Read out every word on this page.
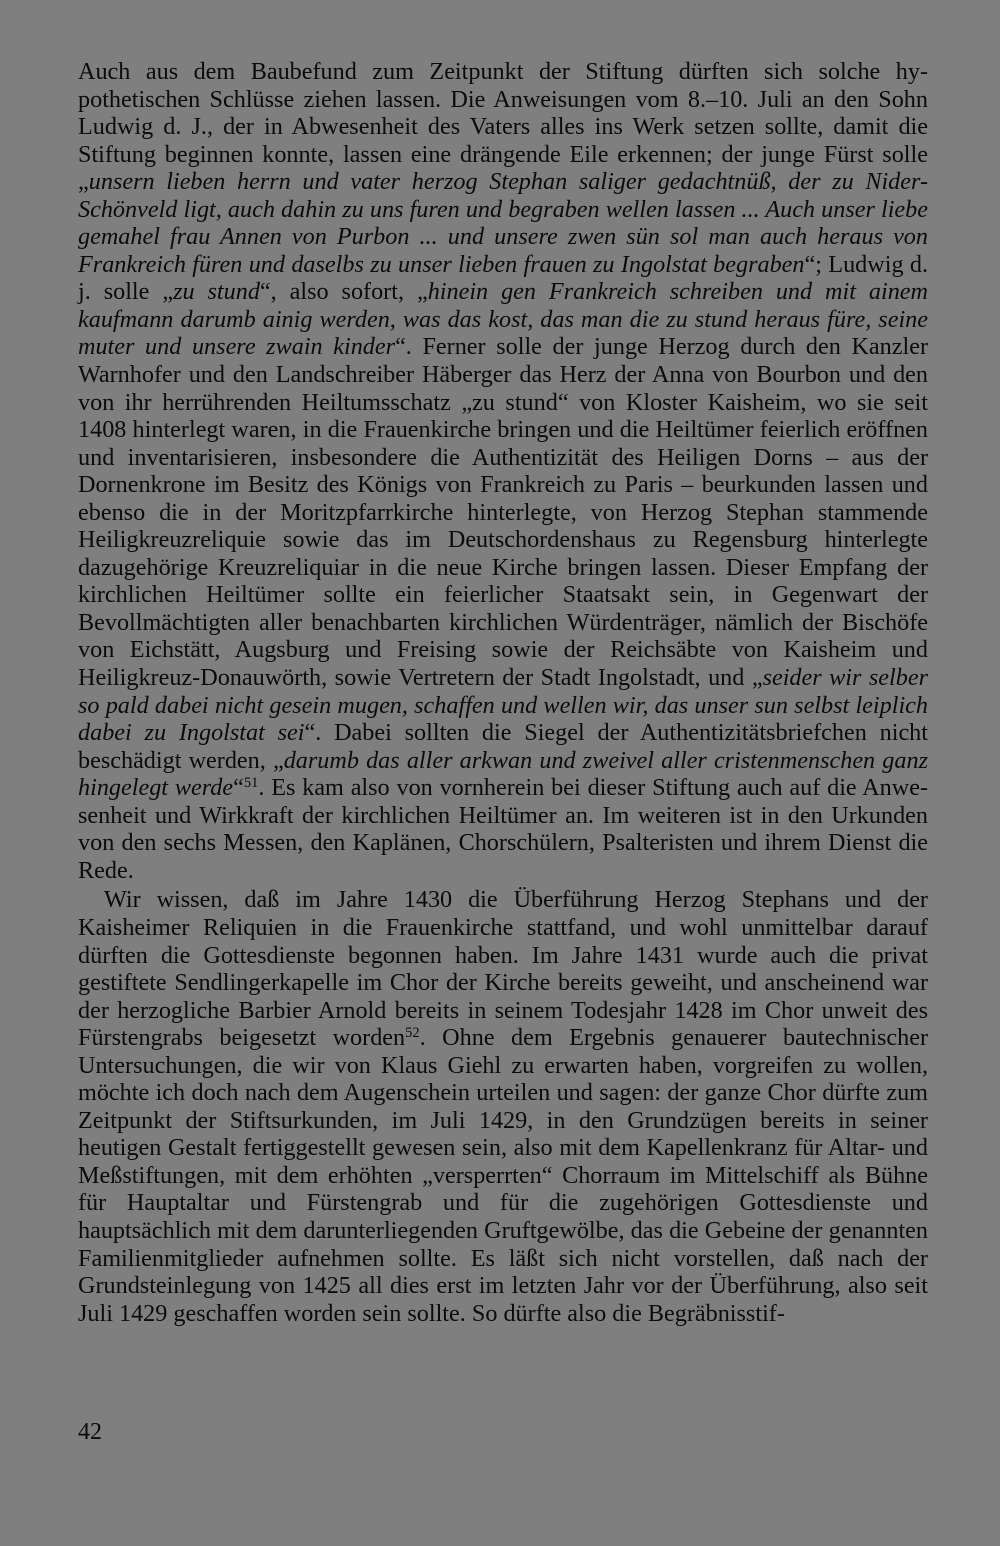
Auch aus dem Baubefund zum Zeitpunkt der Stiftung dürften sich solche hypothetischen Schlüsse ziehen lassen. Die Anweisungen vom 8.–10. Juli an den Sohn Ludwig d. J., der in Abwesenheit des Vaters alles ins Werk setzen sollte, damit die Stiftung beginnen konnte, lassen eine drängende Eile erkennen; der junge Fürst solle „unsern lieben herrn und vater herzog Stephan saliger gedachtnüß, der zu Nider-Schönveld ligt, auch dahin zu uns furen und begraben wellen lassen ... Auch unser liebe gemahel frau Annen von Purbon ... und unsere zwen sün sol man auch heraus von Frankreich füren und daselbs zu unser lieben frauen zu Ingolstat begraben“; Ludwig d. j. solle „zu stund“, also sofort, „hinein gen Frankreich schreiben und mit ainem kaufmann darumb ainig werden, was das kost, das man die zu stund heraus füre, seine muter und unsere zwain kinder“. Ferner solle der junge Herzog durch den Kanzler Warnhofer und den Landschreiber Häberger das Herz der Anna von Bourbon und den von ihr herrührenden Heiltumsschatz „zu stund“ von Kloster Kaisheim, wo sie seit 1408 hinterlegt waren, in die Frauenkirche bringen und die Heiltümer feierlich eröffnen und inventarisieren, insbesondere die Authentizität des Heiligen Dorns – aus der Dornenkrone im Besitz des Königs von Frankreich zu Paris – beurkunden lassen und ebenso die in der Moritzpfarrkirche hinterlegte, von Herzog Stephan stammende Heiligkreuzreliquie sowie das im Deutschordenshaus zu Regensburg hinterlegte dazugehörige Kreuzreliquiar in die neue Kirche bringen lassen. Dieser Empfang der kirchlichen Heiltümer sollte ein feierlicher Staatsakt sein, in Gegenwart der Bevollmächtigten aller benachbarten kirchlichen Würdenträger, nämlich der Bischöfe von Eichstätt, Augsburg und Freising sowie der Reichsäbte von Kaisheim und Heiligkreuz-Donauwörth, sowie Vertretern der Stadt Ingolstadt, und „seider wir selber so pald dabei nicht gesein mugen, schaffen und wellen wir, das unser sun selbst leiplich dabei zu Ingolstat sei“. Dabei sollten die Siegel der Authentizitätsbriefchen nicht beschädigt werden, „darumb das aller arkwan und zweivel aller cristenmenschen ganz hingelegt werde“$^{51}$. Es kam also von vornherein bei dieser Stiftung auch auf die Anwesenheit und Wirkkraft der kirchlichen Heiltümer an. Im weiteren ist in den Urkunden von den sechs Messen, den Kaplänen, Chorschülern, Psalteristen und ihrem Dienst die Rede.

Wir wissen, daß im Jahre 1430 die Überführung Herzog Stephans und der Kaisheimer Reliquien in die Frauenkirche stattfand, und wohl unmittelbar darauf dürften die Gottesdienste begonnen haben. Im Jahre 1431 wurde auch die privat gestiftete Sendlingerkapelle im Chor der Kirche bereits geweiht, und anscheinend war der herzogliche Barbier Arnold bereits in seinem Todesjahr 1428 im Chor unweit des Fürstengrabs beigesetzt worden$^{52}$. Ohne dem Ergebnis genauerer bautechnischer Untersuchungen, die wir von Klaus Giehl zu erwarten haben, vorgreifen zu wollen, möchte ich doch nach dem Augenschein urteilen und sagen: der ganze Chor dürfte zum Zeitpunkt der Stiftsurkunden, im Juli 1429, in den Grundzügen bereits in seiner heutigen Gestalt fertiggestellt gewesen sein, also mit dem Kapellenkranz für Altar- und Meßstiftungen, mit dem erhöhten „versperrten“ Chorraum im Mittelschiff als Bühne für Hauptaltar und Fürstengrab und für die zugehörigen Gottesdienste und hauptsächlich mit dem darunterliegenden Gruftgewölbe, das die Gebeine der genannten Familienmitglieder aufnehmen sollte. Es läßt sich nicht vorstellen, daß nach der Grundsteinlegung von 1425 all dies erst im letzten Jahr vor der Überführung, also seit Juli 1429 geschaffen worden sein sollte. So dürfte also die Begräbnisstif-

42
